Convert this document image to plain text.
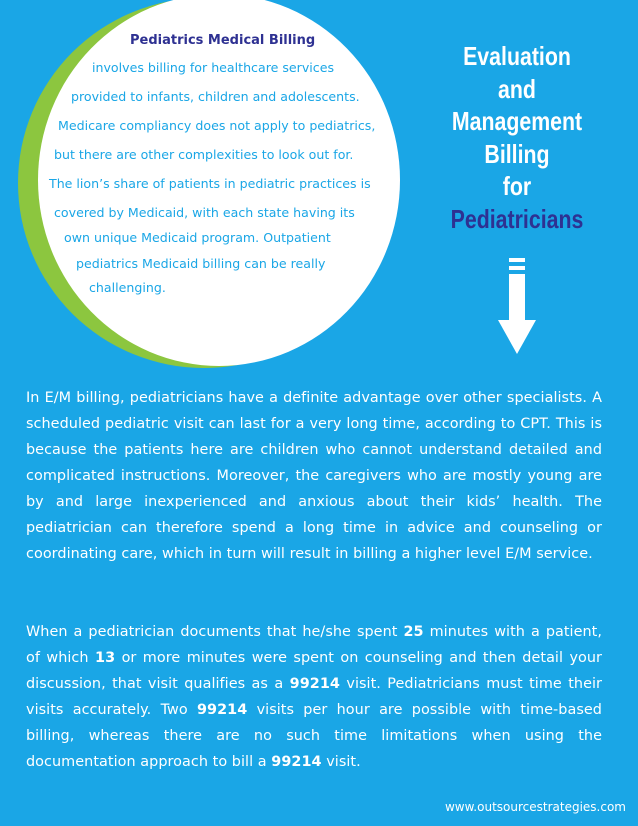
Pediatrics Medical Billing
involves billing for healthcare services
provided to infants, children and adolescents.
Medicare compliancy does not apply to pediatrics,
but there are other complexities to look out for.
The lion’s share of patients in pediatric practices is
covered by Medicaid, with each state having its
own unique Medicaid program. Outpatient
pediatrics Medicaid billing can be really
challenging.
Evaluation
and
Management
Billing
for
Pediatricians
In E/M billing, pediatricians have a definite advantage over other specialists. A scheduled pediatric visit can last for a very long time, according to CPT. This is because the patients here are children who cannot understand detailed and complicated instructions. Moreover, the caregivers who are mostly young are by and large inexperienced and anxious about their kids’ health. The pediatrician can therefore spend a long time in advice and counseling or coordinating care, which in turn will result in billing a higher level E/M service.
When a pediatrician documents that he/she spent 25 minutes with a patient, of which 13 or more minutes were spent on counseling and then detail your discussion, that visit qualifies as a 99214 visit. Pediatricians must time their visits accurately. Two 99214 visits per hour are possible with time-based billing, whereas there are no such time limitations when using the documentation approach to bill a 99214 visit.
www.outsourcestrategies.com
